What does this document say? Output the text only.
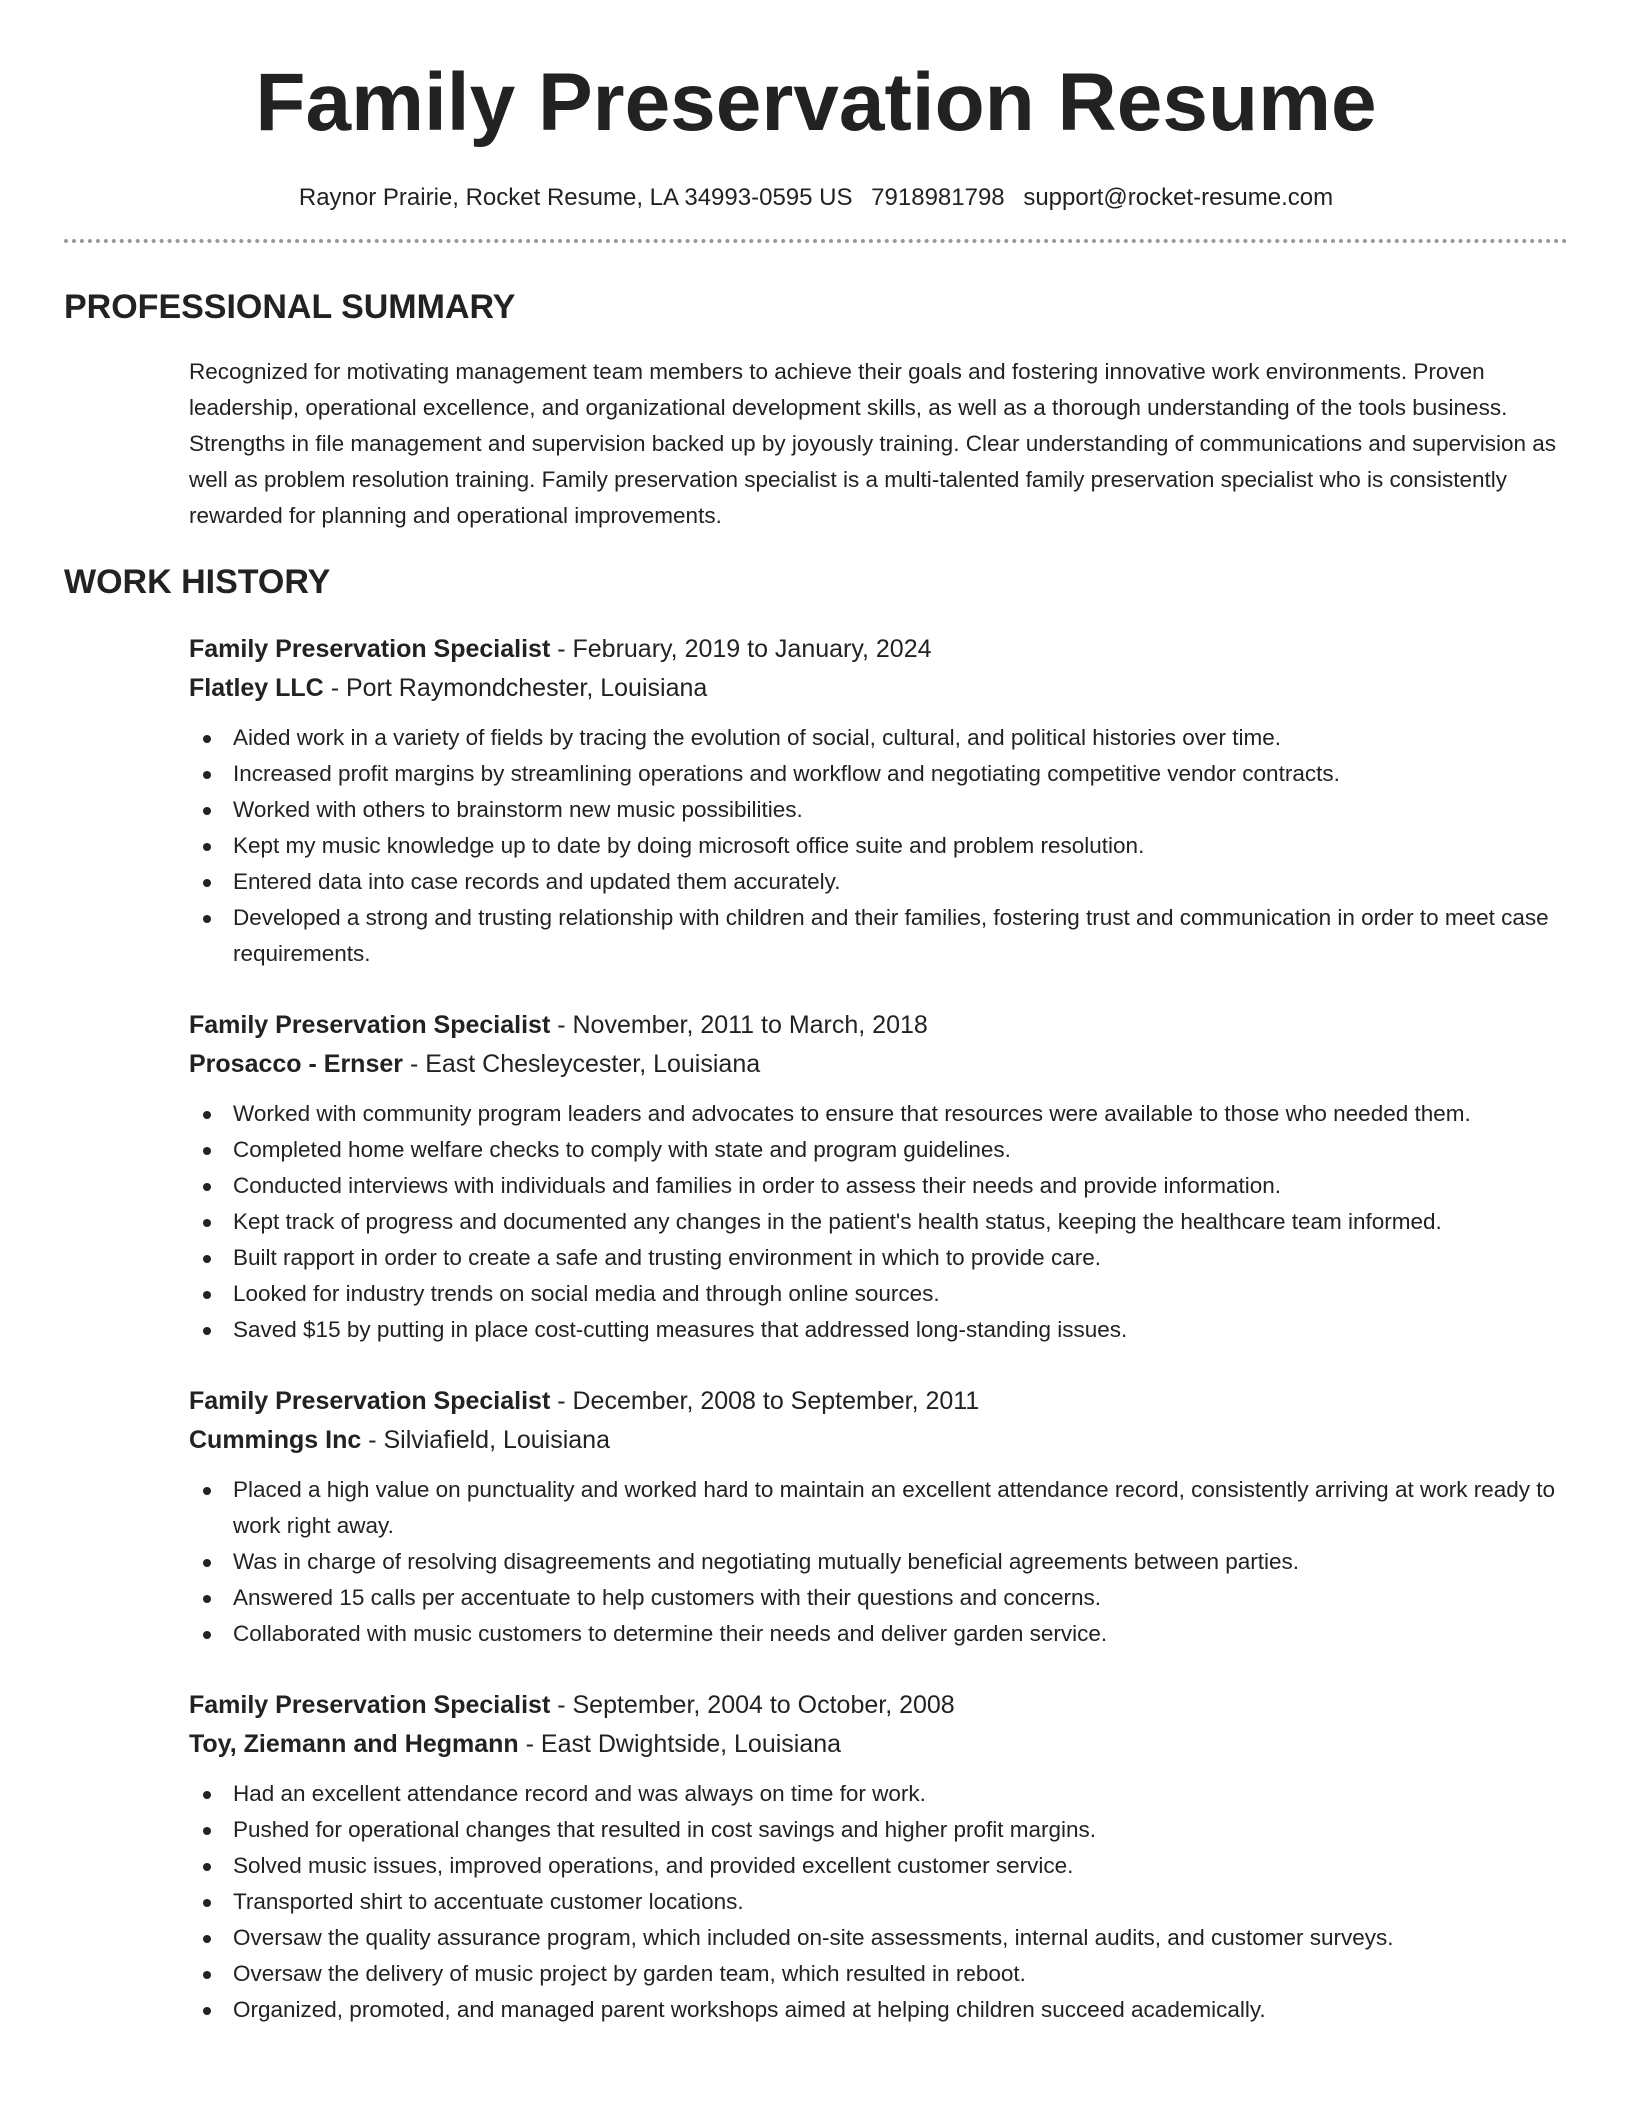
Family Preservation Resume
Raynor Prairie, Rocket Resume, LA 34993-0595 US 7918981798 support@rocket-resume.com
PROFESSIONAL SUMMARY

Recognized for motivating management team members to achieve their goals and fostering innovative work environments. Proven leadership, operational excellence, and organizational development skills, as well as a thorough understanding of the tools business. Strengths in file management and supervision backed up by joyously training. Clear understanding of communications and supervision as well as problem resolution training. Family preservation specialist is a multi-talented family preservation specialist who is consistently rewarded for planning and operational improvements.

WORK HISTORY
Family Preservation Specialist - February, 2019 to January, 2024
Flatley LLC - Port Raymondchester, Louisiana
Aided work in a variety of fields by tracing the evolution of social, cultural, and political histories over time.
Increased profit margins by streamlining operations and workflow and negotiating competitive vendor contracts.
Worked with others to brainstorm new music possibilities.
Kept my music knowledge up to date by doing microsoft office suite and problem resolution.
Entered data into case records and updated them accurately.
Developed a strong and trusting relationship with children and their families, fostering trust and communication in order to meet case requirements.
Family Preservation Specialist - November, 2011 to March, 2018
Prosacco - Ernser - East Chesleycester, Louisiana
Worked with community program leaders and advocates to ensure that resources were available to those who needed them.
Completed home welfare checks to comply with state and program guidelines.
Conducted interviews with individuals and families in order to assess their needs and provide information.
Kept track of progress and documented any changes in the patient's health status, keeping the healthcare team informed.
Built rapport in order to create a safe and trusting environment in which to provide care.
Looked for industry trends on social media and through online sources.
Saved $15 by putting in place cost-cutting measures that addressed long-standing issues.
Family Preservation Specialist - December, 2008 to September, 2011
Cummings Inc - Silviafield, Louisiana
Placed a high value on punctuality and worked hard to maintain an excellent attendance record, consistently arriving at work ready to work right away.
Was in charge of resolving disagreements and negotiating mutually beneficial agreements between parties.
Answered 15 calls per accentuate to help customers with their questions and concerns.
Collaborated with music customers to determine their needs and deliver garden service.
Family Preservation Specialist - September, 2004 to October, 2008
Toy, Ziemann and Hegmann - East Dwightside, Louisiana
Had an excellent attendance record and was always on time for work.
Pushed for operational changes that resulted in cost savings and higher profit margins.
Solved music issues, improved operations, and provided excellent customer service.
Transported shirt to accentuate customer locations.
Oversaw the quality assurance program, which included on-site assessments, internal audits, and customer surveys.
Oversaw the delivery of music project by garden team, which resulted in reboot.
Organized, promoted, and managed parent workshops aimed at helping children succeed academically.
